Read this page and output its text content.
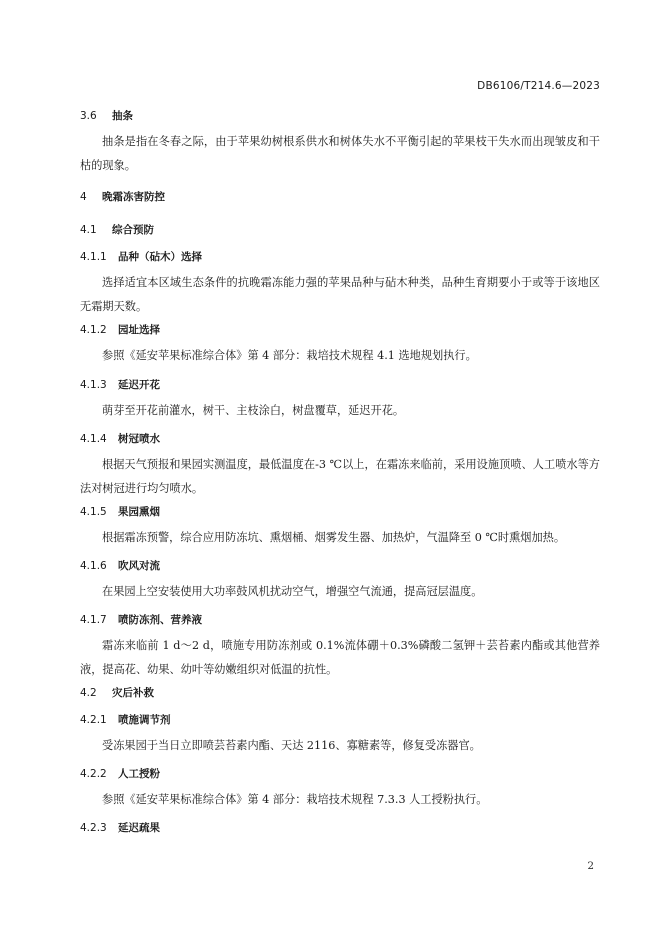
DB6106/T214.6—2023
3.6 抽条
抽条是指在冬春之际，由于苹果幼树根系供水和树体失水不平衡引起的苹果枝干失水而出现皱皮和干枯的现象。
4 晚霜冻害防控
4.1 综合预防
4.1.1 品种（砧木）选择
选择适宜本区域生态条件的抗晚霜冻能力强的苹果品种与砧木种类，品种生育期要小于或等于该地区无霜期天数。
4.1.2 园址选择
参照《延安苹果标准综合体》第 4 部分：栽培技术规程 4.1 选地规划执行。
4.1.3 延迟开花
萌芽至开花前灌水，树干、主枝涂白，树盘覆草，延迟开花。
4.1.4 树冠喷水
根据天气预报和果园实测温度，最低温度在-3 ℃以上，在霜冻来临前，采用设施顶喷、人工喷水等方法对树冠进行均匀喷水。
4.1.5 果园熏烟
根据霜冻预警，综合应用防冻坑、熏烟桶、烟雾发生器、加热炉，气温降至 0 ℃时熏烟加热。
4.1.6 吹风对流
在果园上空安装使用大功率鼓风机扰动空气，增强空气流通，提高冠层温度。
4.1.7 喷防冻剂、营养液
霜冻来临前 1 d～2 d，喷施专用防冻剂或 0.1%流体硼＋0.3%磷酸二氢钾＋芸苔素内酯或其他营养液，提高花、幼果、幼叶等幼嫩组织对低温的抗性。
4.2 灾后补救
4.2.1 喷施调节剂
受冻果园于当日立即喷芸苔素内酯、天达 2116、寡糖素等，修复受冻器官。
4.2.2 人工授粉
参照《延安苹果标准综合体》第 4 部分：栽培技术规程 7.3.3 人工授粉执行。
4.2.3 延迟疏果
2
